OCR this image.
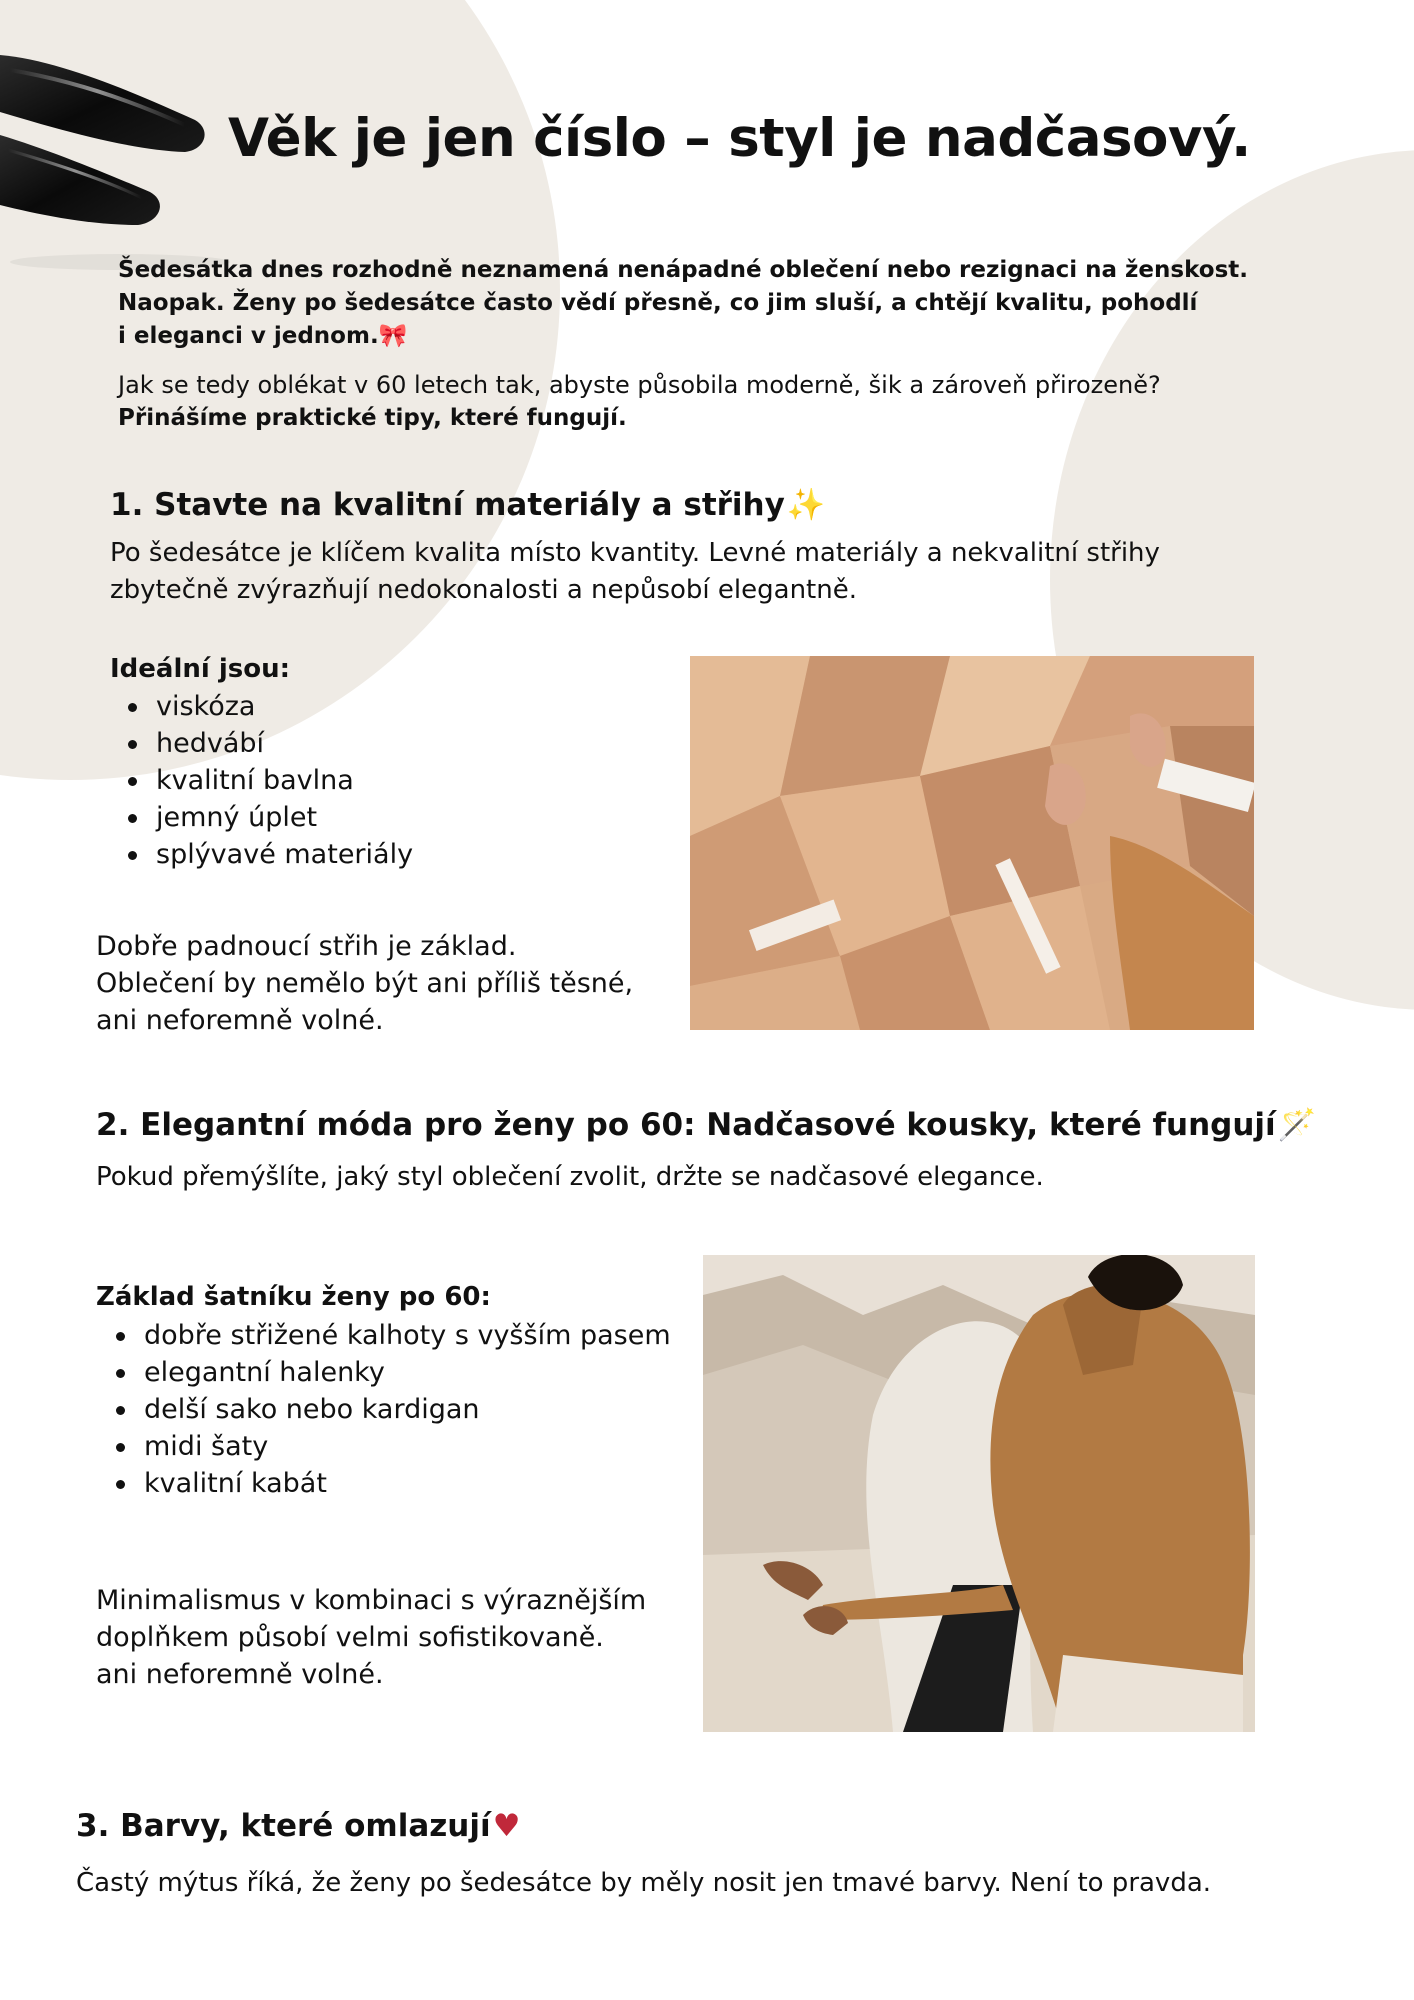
Věk je jen číslo – styl je nadčasový.

Šedesátka dnes rozhodně neznamená nenápadné oblečení nebo rezignaci na ženskost.

Naopak. Ženy po šedesátce často vědí přesně, co jim sluší, a chtějí kvalitu, pohodlí

i eleganci v jednom.🎀

Jak se tedy oblékat v 60 letech tak, abyste působila moderně, šik a zároveň přirozeně?

Přinášíme praktické tipy, které fungují.

1. Stavte na kvalitní materiály a střihy✨

Po šedesátce je klíčem kvalita místo kvantity. Levné materiály a nekvalitní střihy

zbytečně zvýrazňují nedokonalosti a nepůsobí elegantně.

Ideální jsou:

viskóza
hedvábí
kvalitní bavlna
jemný úplet
splývavé materiály

Dobře padnoucí střih je základ.

Oblečení by nemělo být ani příliš těsné,

ani neforemně volné.

2. Elegantní móda pro ženy po 60: Nadčasové kousky, které fungují🪄

Pokud přemýšlíte, jaký styl oblečení zvolit, držte se nadčasové elegance.

Základ šatníku ženy po 60:

dobře střižené kalhoty s vyšším pasem
elegantní halenky
delší sako nebo kardigan
midi šaty
kvalitní kabát

Minimalismus v kombinaci s výraznějším

doplňkem působí velmi sofistikovaně.

ani neforemně volné.

3. Barvy, které omlazují♥

Častý mýtus říká, že ženy po šedesátce by měly nosit jen tmavé barvy. Není to pravda.
